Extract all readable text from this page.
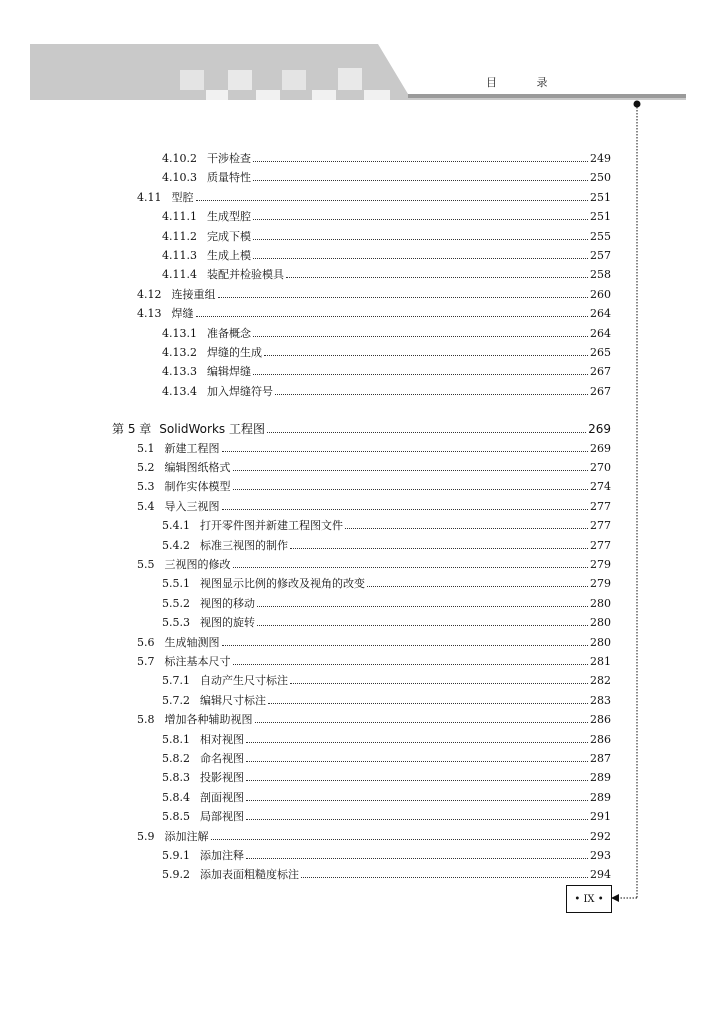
目 录
4.10.2 干涉检查	249
4.10.3 质量特性	250
4.11 型腔	251
4.11.1 生成型腔	251
4.11.2 完成下模	255
4.11.3 生成上模	257
4.11.4 装配并检验模具	258
4.12 连接重组	260
4.13 焊缝	264
4.13.1 准备概念	264
4.13.2 焊缝的生成	265
4.13.3 编辑焊缝	267
4.13.4 加入焊缝符号	267
第 5 章 SolidWorks 工程图	269
5.1 新建工程图	269
5.2 编辑图纸格式	270
5.3 制作实体模型	274
5.4 导入三视图	277
5.4.1 打开零件图并新建工程图文件	277
5.4.2 标准三视图的制作	277
5.5 三视图的修改	279
5.5.1 视图显示比例的修改及视角的改变	279
5.5.2 视图的移动	280
5.5.3 视图的旋转	280
5.6 生成轴测图	280
5.7 标注基本尺寸	281
5.7.1 自动产生尺寸标注	282
5.7.2 编辑尺寸标注	283
5.8 增加各种辅助视图	286
5.8.1 相对视图	286
5.8.2 命名视图	287
5.8.3 投影视图	289
5.8.4 剖面视图	289
5.8.5 局部视图	291
5.9 添加注解	292
5.9.1 添加注释	293
5.9.2 添加表面粗糙度标注	294
• IX •
